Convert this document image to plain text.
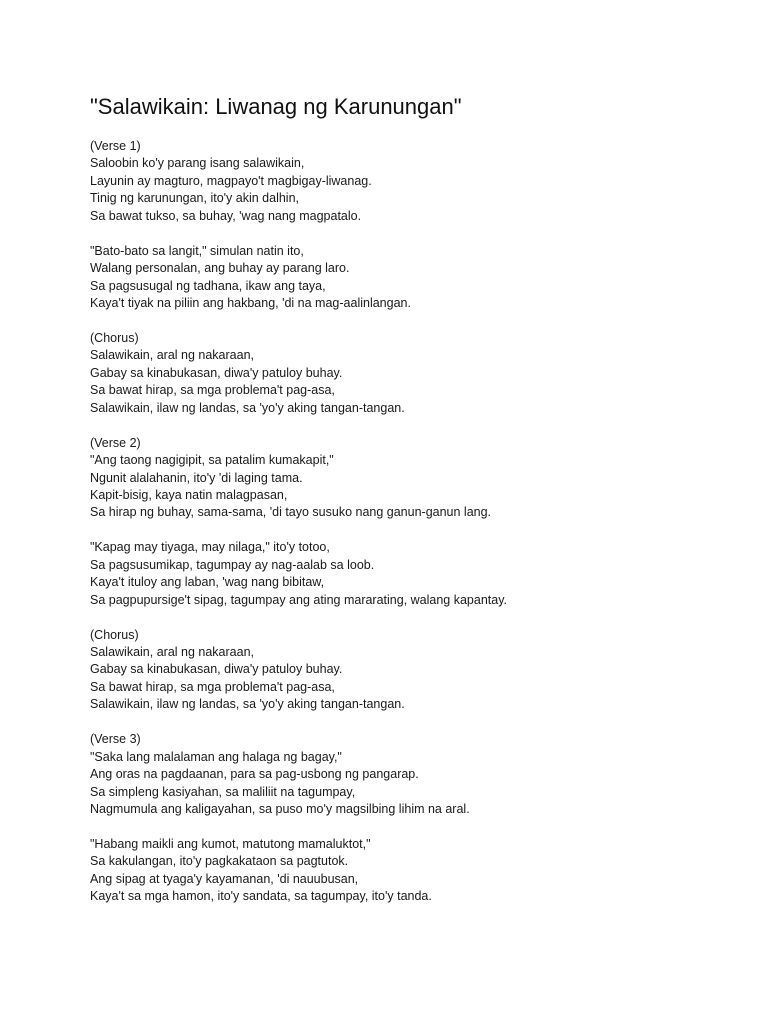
"Salawikain: Liwanag ng Karunungan"
(Verse 1)
Saloobin ko'y parang isang salawikain,
Layunin ay magturo, magpayo't magbigay-liwanag.
Tinig ng karunungan, ito'y akin dalhin,
Sa bawat tukso, sa buhay, 'wag nang magpatalo.
"Bato-bato sa langit," simulan natin ito,
Walang personalan, ang buhay ay parang laro.
Sa pagsusugal ng tadhana, ikaw ang taya,
Kaya't tiyak na piliin ang hakbang, 'di na mag-aalinlangan.
(Chorus)
Salawikain, aral ng nakaraan,
Gabay sa kinabukasan, diwa'y patuloy buhay.
Sa bawat hirap, sa mga problema't pag-asa,
Salawikain, ilaw ng landas, sa 'yo'y aking tangan-tangan.
(Verse 2)
"Ang taong nagigipit, sa patalim kumakapit,"
Ngunit alalahanin, ito'y 'di laging tama.
Kapit-bisig, kaya natin malagpasan,
Sa hirap ng buhay, sama-sama, 'di tayo susuko nang ganun-ganun lang.
"Kapag may tiyaga, may nilaga," ito'y totoo,
Sa pagsusumikap, tagumpay ay nag-aalab sa loob.
Kaya't ituloy ang laban, 'wag nang bibitaw,
Sa pagpupursige't sipag, tagumpay ang ating mararating, walang kapantay.
(Chorus)
Salawikain, aral ng nakaraan,
Gabay sa kinabukasan, diwa'y patuloy buhay.
Sa bawat hirap, sa mga problema't pag-asa,
Salawikain, ilaw ng landas, sa 'yo'y aking tangan-tangan.
(Verse 3)
"Saka lang malalaman ang halaga ng bagay,"
Ang oras na pagdaanan, para sa pag-usbong ng pangarap.
Sa simpleng kasiyahan, sa maliliit na tagumpay,
Nagmumula ang kaligayahan, sa puso mo'y magsilbing lihim na aral.
"Habang maikli ang kumot, matutong mamaluktot,"
Sa kakulangan, ito'y pagkakataon sa pagtutok.
Ang sipag at tyaga'y kayamanan, 'di nauubusan,
Kaya't sa mga hamon, ito'y sandata, sa tagumpay, ito'y tanda.
